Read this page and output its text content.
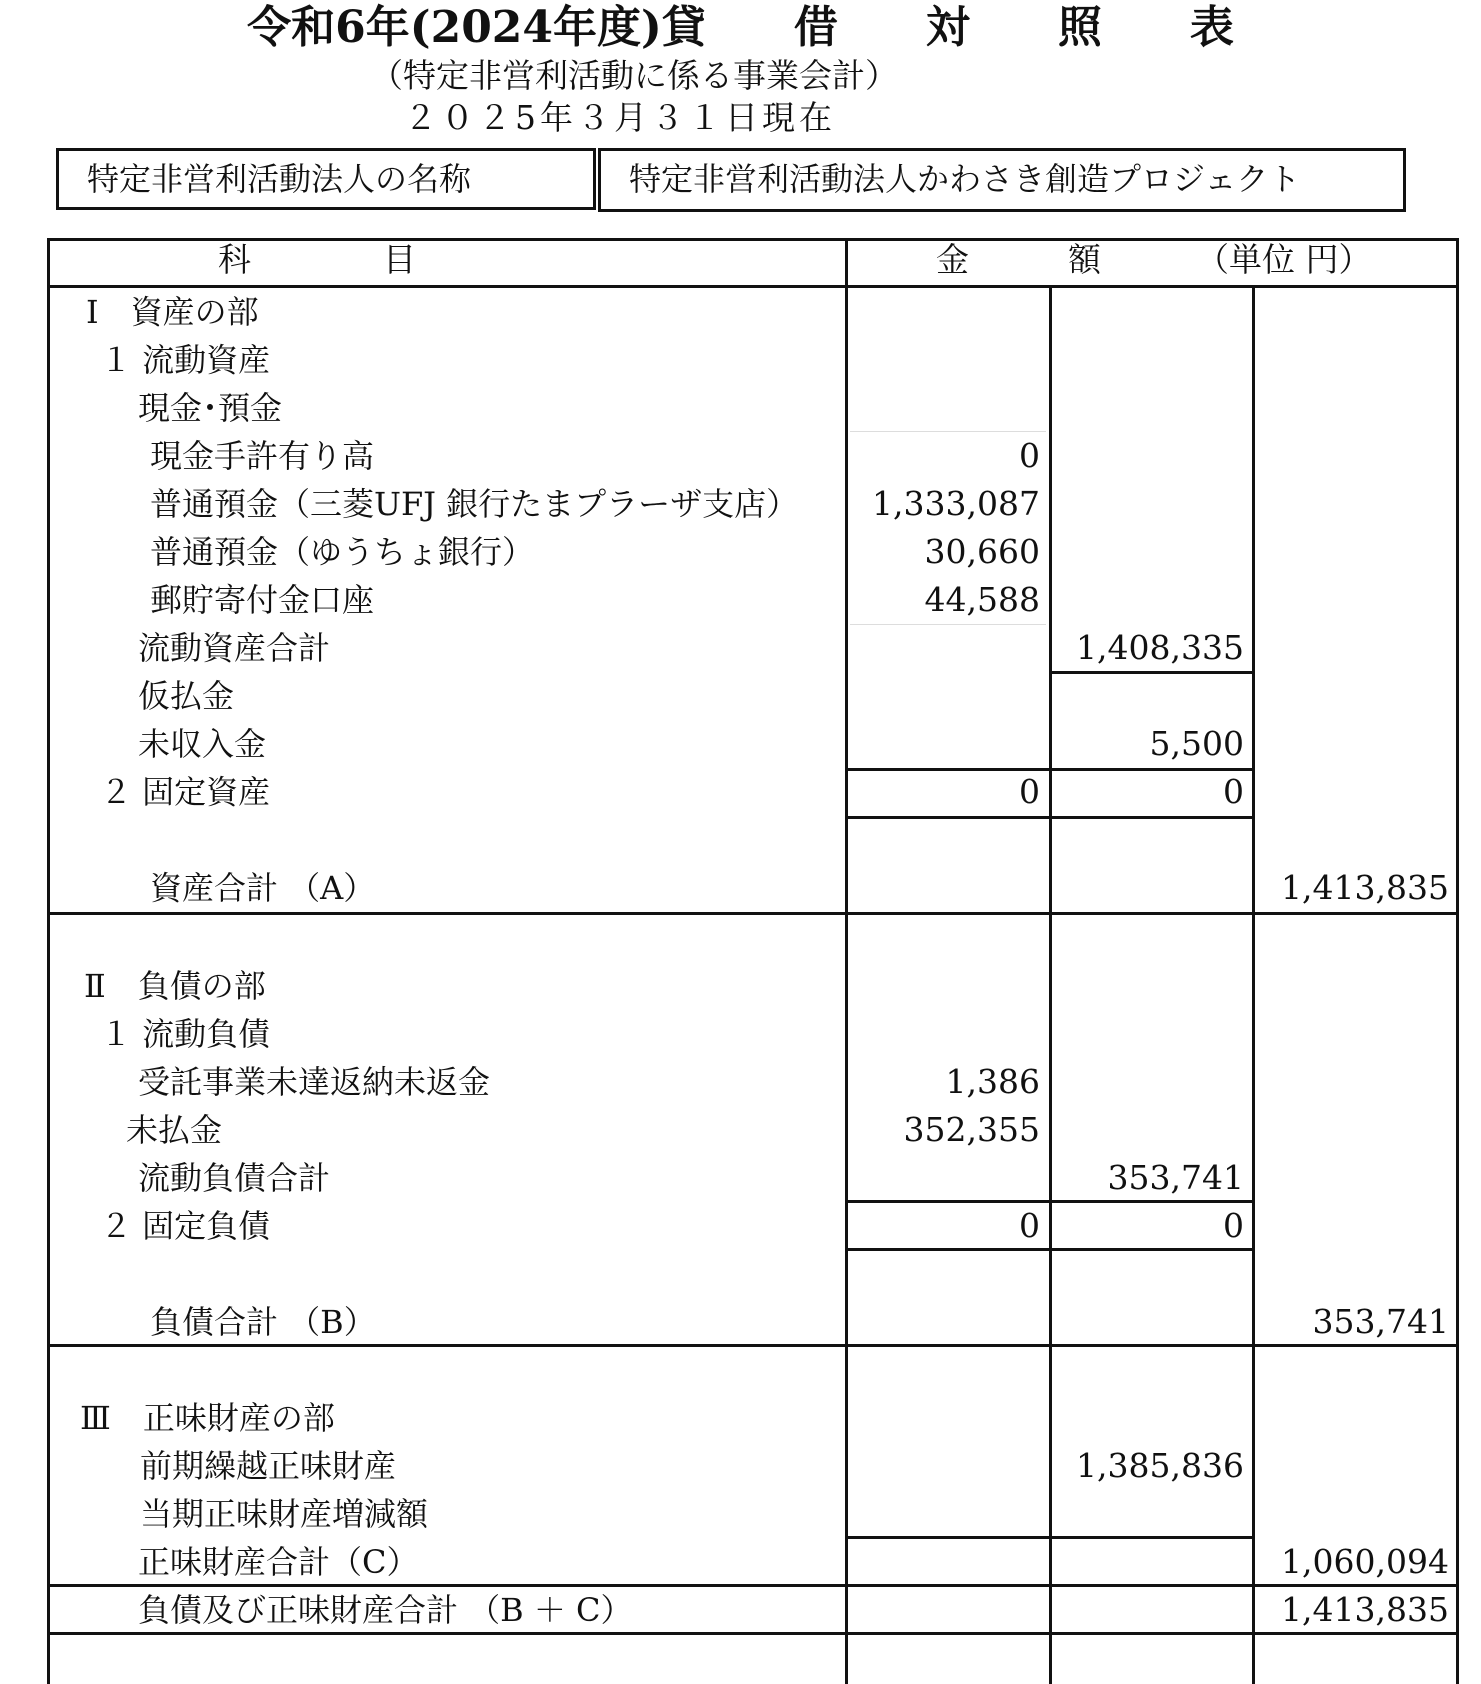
令和6年(2024年度)貸　　借　　対　　照　　表
（特定非営利活動に係る事業会計）
２０２5年３月３１日現在
特定非営利活動法人の名称	特定非営利活動法人かわさき創造プロジェクト
科　　　　目	金　　　額	（単位 円）
Ⅰ　資産の部
１ 流動資産
現金･預金
現金手許有り高	0
普通預金（三菱UFJ 銀行たまプラーザ支店）	1,333,087
普通預金（ゆうちょ銀行）	30,660
郵貯寄付金口座	44,588
流動資産合計	1,408,335
仮払金
未収入金	5,500
２ 固定資産	0	0
資産合計 （A）	1,413,835
Ⅱ　負債の部
１ 流動負債
受託事業未達返納未返金	1,386
未払金	352,355
流動負債合計	353,741
２ 固定負債	0	0
負債合計 （B）	353,741
Ⅲ　正味財産の部
前期繰越正味財産	1,385,836
当期正味財産増減額
正味財産合計（C）	1,060,094
負債及び正味財産合計 （B ＋ C）	1,413,835
